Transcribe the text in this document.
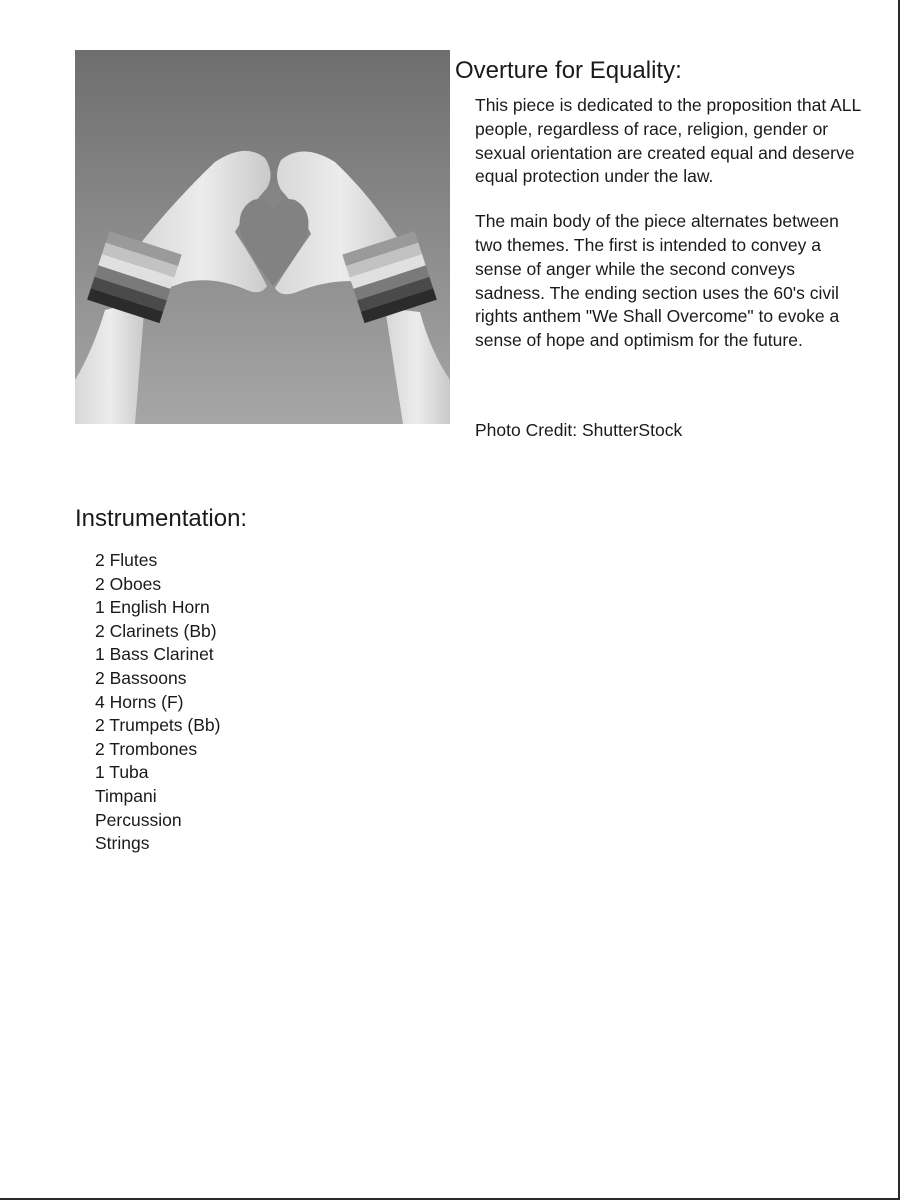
Overture for Equality:

This piece is dedicated to the proposition that ALL people, regardless of race, religion, gender or sexual orientation are created equal and deserve equal protection under the law.

The main body of the piece alternates between two themes. The first is intended to convey a sense of anger while the second conveys sadness. The ending section uses the 60's civil rights anthem "We Shall Overcome" to evoke a sense of hope and optimism for the future.

Photo Credit: ShutterStock
Instrumentation:
2 Flutes
2 Oboes
1 English Horn
2 Clarinets (Bb)
1 Bass Clarinet
2 Bassoons
4 Horns (F)
2 Trumpets (Bb)
2 Trombones
1 Tuba
Timpani
Percussion
Strings
